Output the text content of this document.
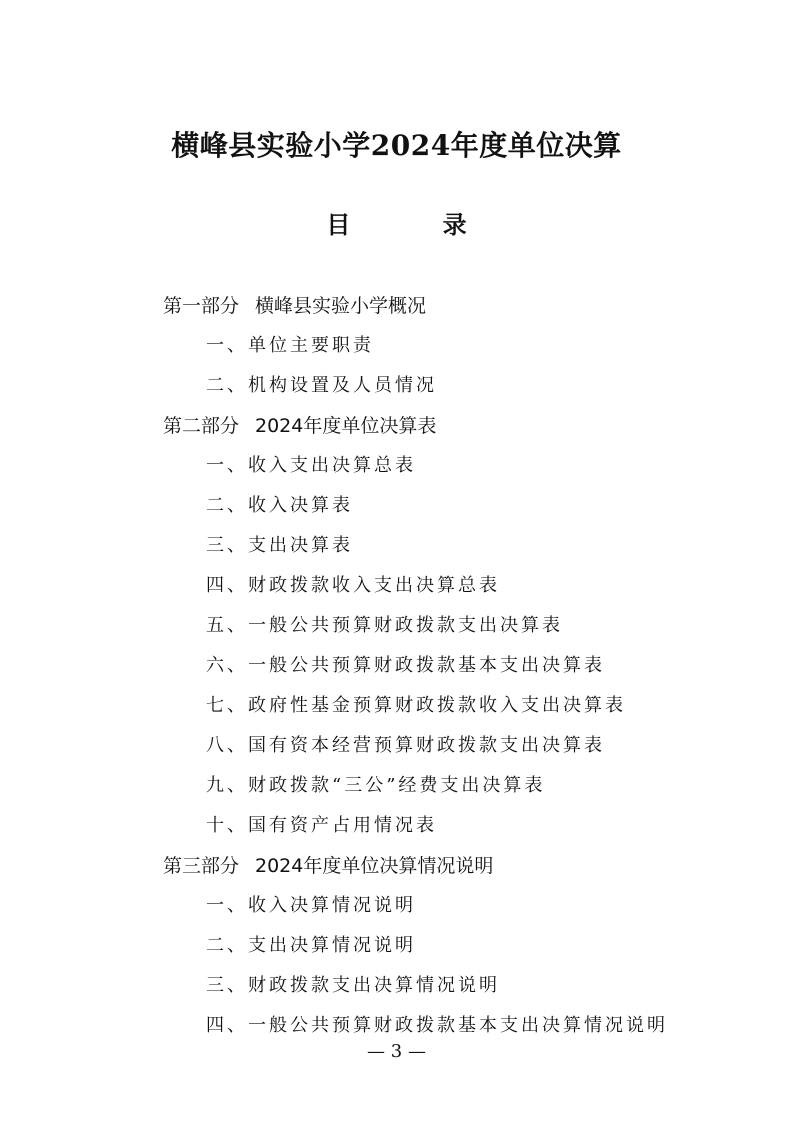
横峰县实验小学2024年度单位决算
目 录
第一部分 横峰县实验小学概况
一、单位主要职责
二、机构设置及人员情况
第二部分 2024年度单位决算表
一、收入支出决算总表
二、收入决算表
三、支出决算表
四、财政拨款收入支出决算总表
五、一般公共预算财政拨款支出决算表
六、一般公共预算财政拨款基本支出决算表
七、政府性基金预算财政拨款收入支出决算表
八、国有资本经营预算财政拨款支出决算表
九、财政拨款“三公”经费支出决算表
十、国有资产占用情况表
第三部分 2024年度单位决算情况说明
一、收入决算情况说明
二、支出决算情况说明
三、财政拨款支出决算情况说明
四、一般公共预算财政拨款基本支出决算情况说明
— 3 —
